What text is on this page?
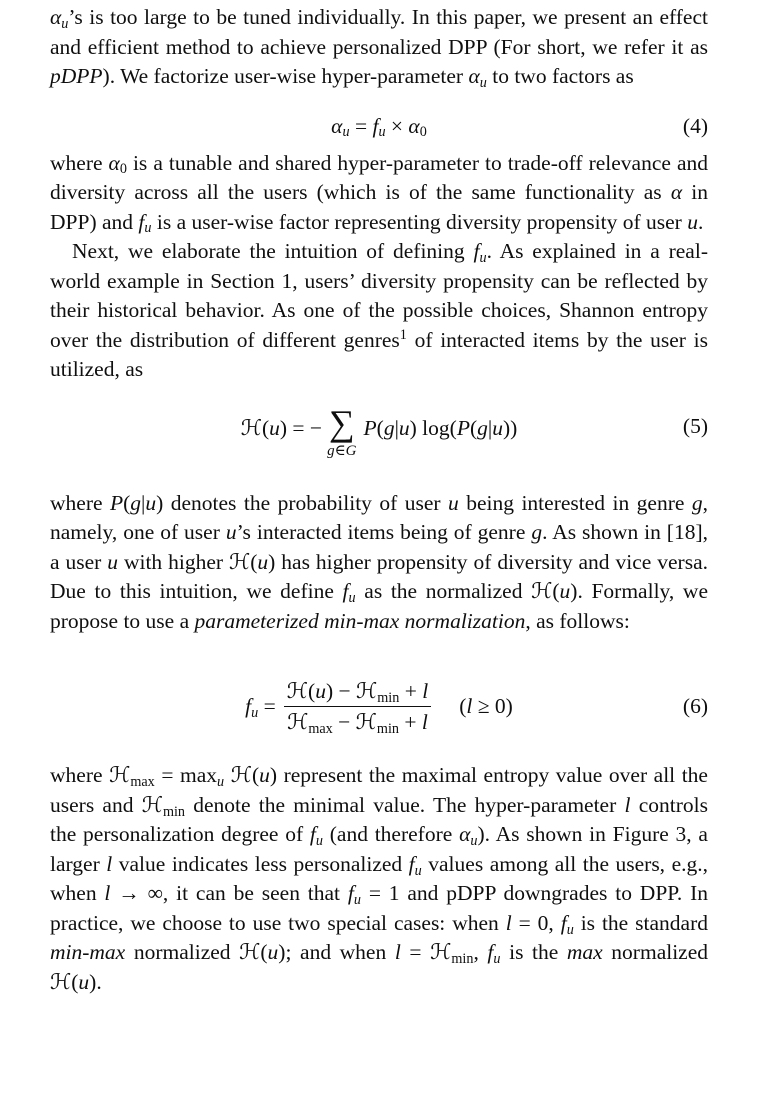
$\alpha_u’s$ is too large to be tuned individually. In this paper, we present an effect and efficient method to achieve personalized DPP (For short, we refer it as pDPP). We factorize user-wise hyper-parameter $\alpha_u$ to two factors as

$\alpha_u = f_u \times \alpha_0$	(4)

where $\alpha_0$ is a tunable and shared hyper-parameter to trade-off relevance and diversity across all the users (which is of the same functionality as α in DPP) and $f_u$ is a user-wise factor representing diversity propensity of user u.

Next, we elaborate the intuition of defining $f_u$. As explained in a real-world example in Section 1, users’ diversity propensity can be reflected by their historical behavior. As one of the possible choices, Shannon entropy over the distribution of different genres$^1$ of interacted items by the user is utilized, as

ℋ(u) = − ∑
g∈G
P(g|u) log(P(g|u))	(5)

where P(g|u) denotes the probability of user u being interested in genre g, namely, one of user u’s interacted items being of genre g. As shown in [18], a user u with higher ℋ(u) has higher propensity of diversity and vice versa. Due to this intuition, we define $f_u$ as the normalized ℋ(u). Formally, we propose to use a parameterized min-max normalization, as follows:

$f_u = \frac{ℋ(u) - ℋ_{min} + l}{ℋ_{max} - ℋ_{min} + l} (l \ge 0)$	(6)

where ℋ$_{max}$ = $\max_u$ ℋ(u) represent the maximal entropy value over all the users and ℋ$_{min}$ denote the minimal value. The hyper-parameter l controls the personalization degree of $f_u$ (and therefore $\alpha_u$). As shown in Figure 3, a larger l value indicates less personalized $f_u$ values among all the users, e.g., when l → ∞, it can be seen that $f_u = 1$ and pDPP downgrades to DPP. In practice, we choose to use two special cases: when l = 0, $f_u$ is the standard min-max normalized ℋ(u); and when l = ℋ$_{min}$, $f_u$ is the max normalized ℋ(u).
